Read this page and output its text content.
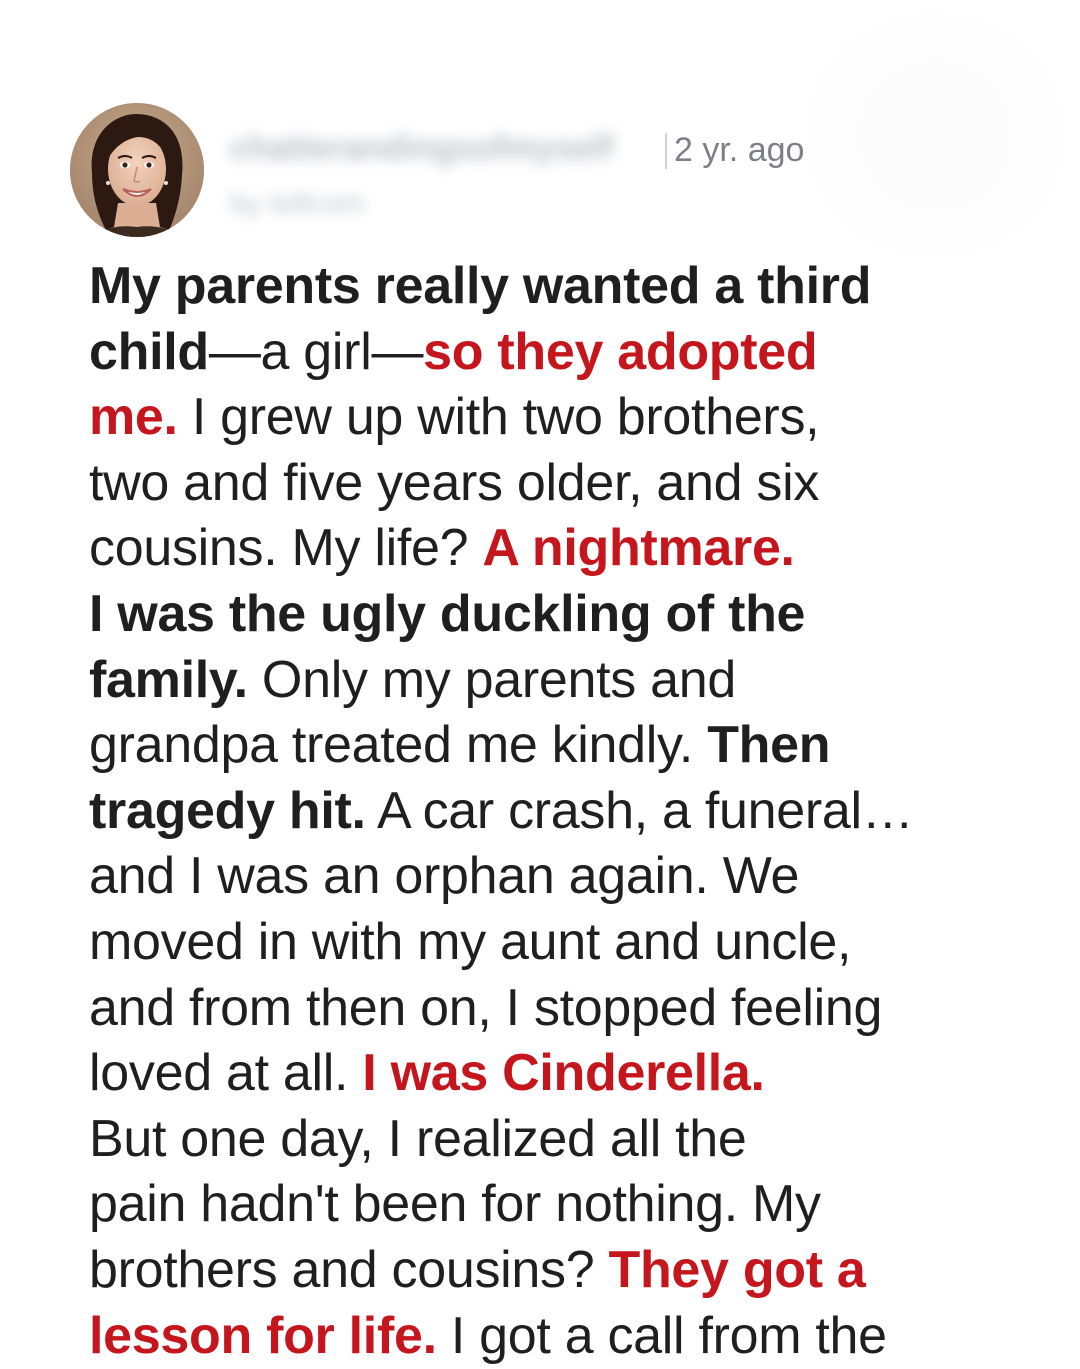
chatterandingsofmyself 2 yr. ago
by tellcom
My parents really wanted a third
child—a girl—so they adopted
me. I grew up with two brothers,
two and five years older, and six
cousins. My life? A nightmare.
I was the ugly duckling of the
family. Only my parents and
grandpa treated me kindly. Then
tragedy hit. A car crash, a funeral…
and I was an orphan again. We
moved in with my aunt and uncle,
and from then on, I stopped feeling
loved at all. I was Cinderella.
But one day, I realized all the
pain hadn't been for nothing. My
brothers and cousins? They got a
lesson for life. I got a call from the
